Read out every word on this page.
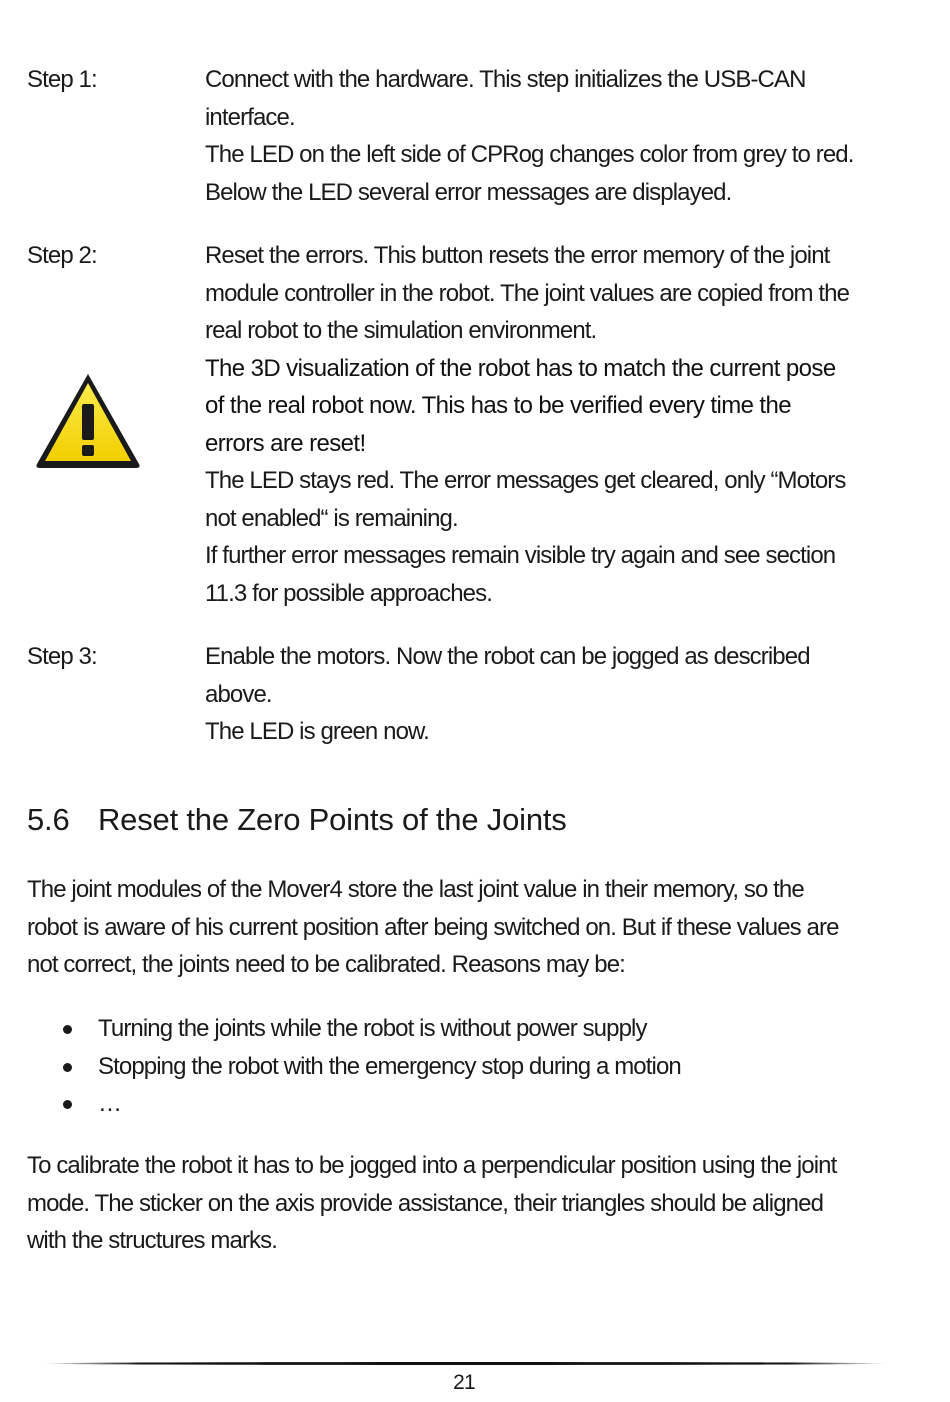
Step 1:	Connect with the hardware. This step initializes the USB-CAN

interface.

The LED on the left side of CPRog changes color from grey to red.

Below the LED several error messages are displayed.

Step 2:	Reset the errors. This button resets the error memory of the joint

module controller in the robot. The joint values are copied from the

real robot to the simulation environment.

The 3D visualization of the robot has to match the current pose

of the real robot now. This has to be verified every time the

errors are reset!

The LED stays red. The error messages get cleared, only “Motors

not enabled“ is remaining.

If further error messages remain visible try again and see section

11.3 for possible approaches.

Step 3:	Enable the motors. Now the robot can be jogged as described

above.

The LED is green now.

5.6 Reset the Zero Points of the Joints
The joint modules of the Mover4 store the last joint value in their memory, so the
robot is aware of his current position after being switched on. But if these values are
not correct, the joints need to be calibrated. Reasons may be:
Turning the joints while the robot is without power supply
Stopping the robot with the emergency stop during a motion
…
To calibrate the robot it has to be jogged into a perpendicular position using the joint
mode. The sticker on the axis provide assistance, their triangles should be aligned
with the structures marks.
21
